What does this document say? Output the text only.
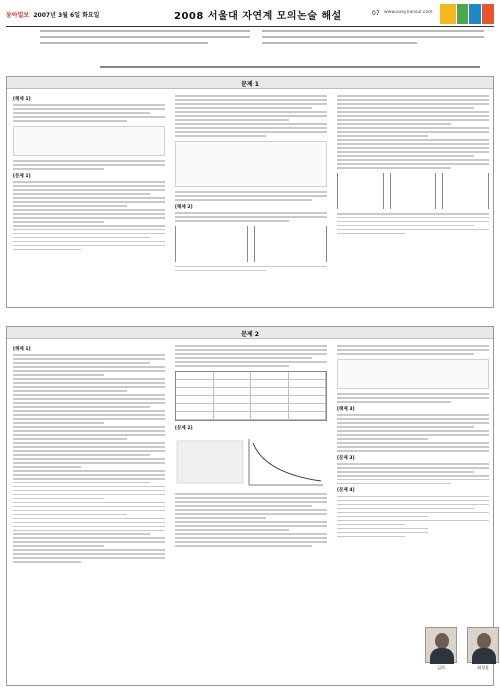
동아일보 2007년 3월 6일 화요일	2008 서울대 자연계 모의논술 해설	07 www.easynonsul.com
문제 1
[해제 1]
[문제 1]
[해제 2]
문제 2
[해제 1]
[문제 2]
[해제 3]
[문제 3]
[문제 4]
김희	최성철
